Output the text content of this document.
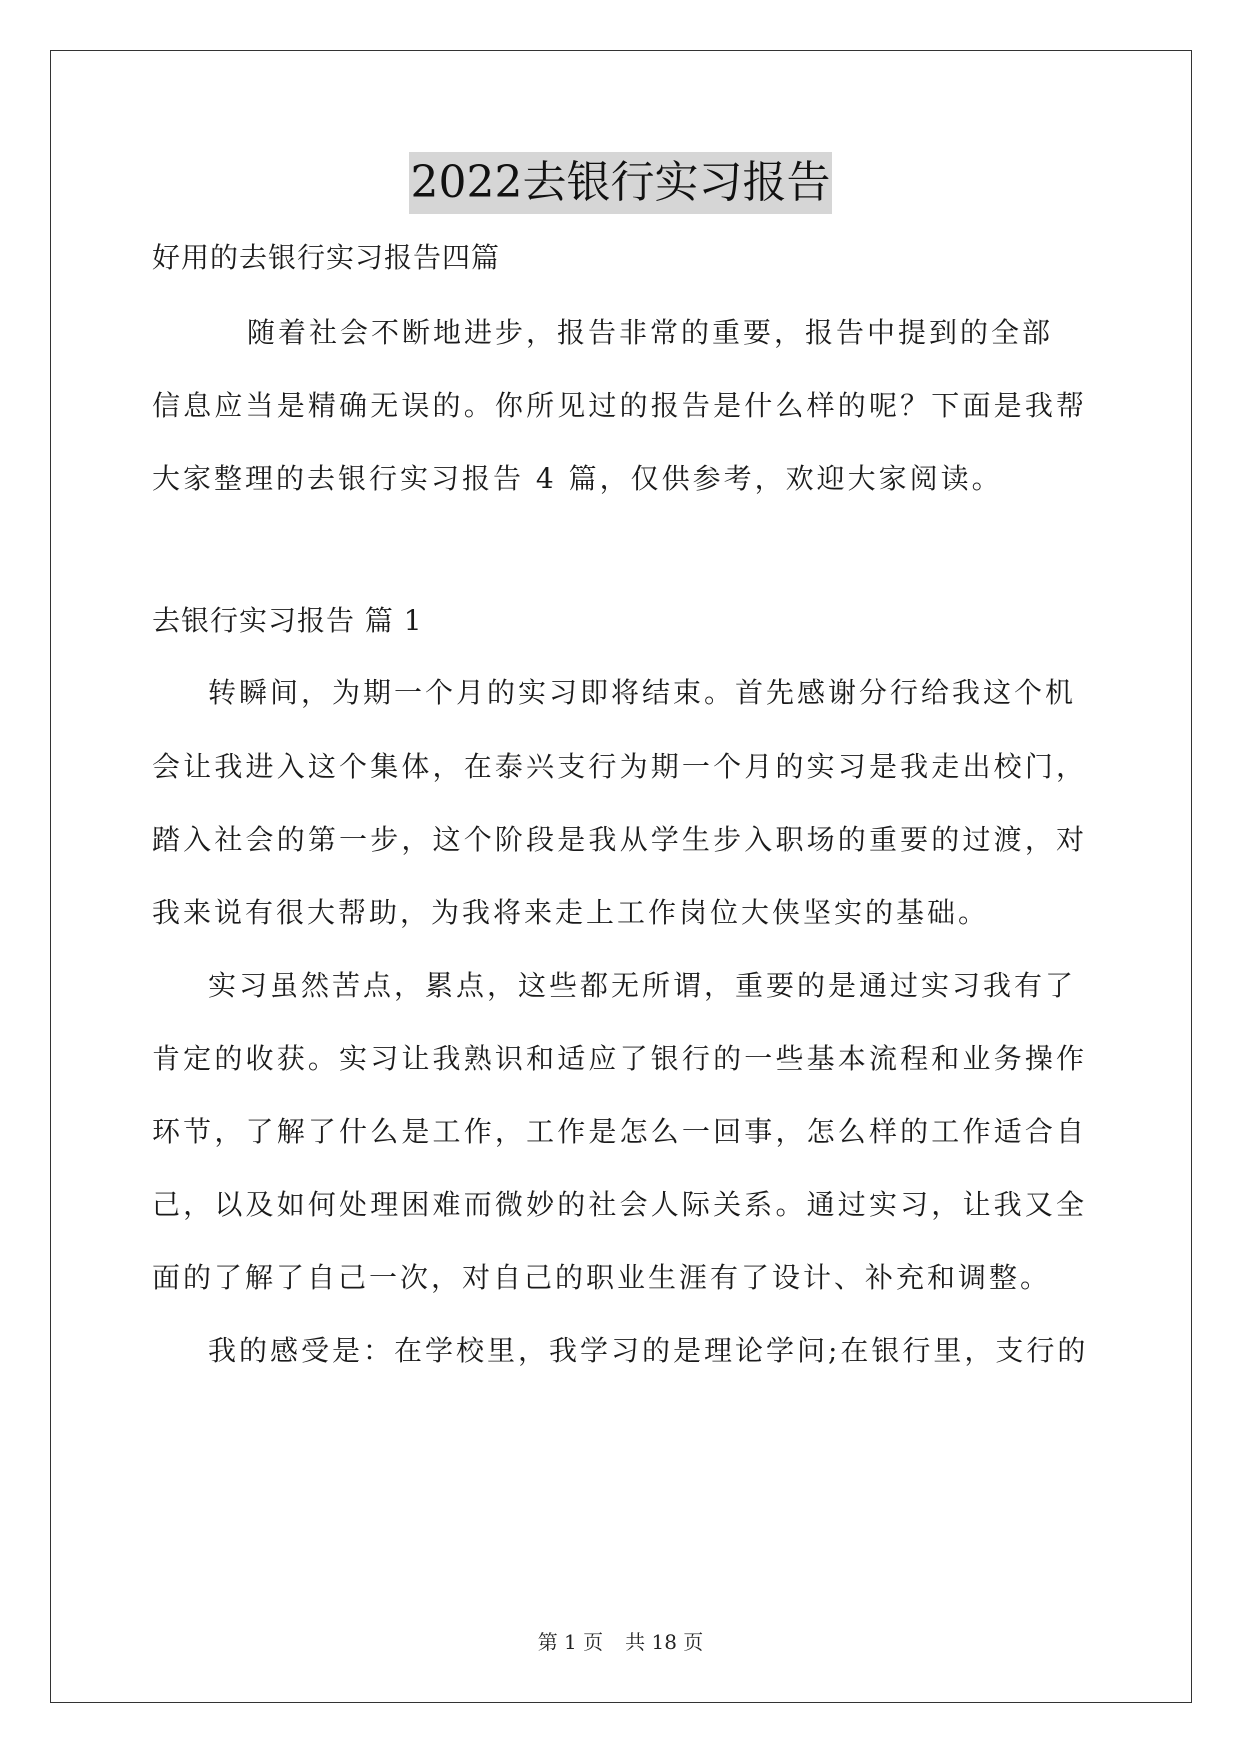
2022去银行实习报告
好用的去银行实习报告四篇
随着社会不断地进步，报告非常的重要，报告中提到的全部
信息应当是精确无误的。你所见过的报告是什么样的呢？下面是我帮
大家整理的去银行实习报告 4 篇，仅供参考，欢迎大家阅读。
去银行实习报告 篇 1
转瞬间，为期一个月的实习即将结束。首先感谢分行给我这个机
会让我进入这个集体，在泰兴支行为期一个月的实习是我走出校门，
踏入社会的第一步，这个阶段是我从学生步入职场的重要的过渡，对
我来说有很大帮助，为我将来走上工作岗位大侠坚实的基础。
实习虽然苦点，累点，这些都无所谓，重要的是通过实习我有了
肯定的收获。实习让我熟识和适应了银行的一些基本流程和业务操作
环节，了解了什么是工作，工作是怎么一回事，怎么样的工作适合自
己，以及如何处理困难而微妙的社会人际关系。通过实习，让我又全
面的了解了自己一次，对自己的职业生涯有了设计、补充和调整。
我的感受是：在学校里，我学习的是理论学问;在银行里，支行的
第 1 页 共 18 页
